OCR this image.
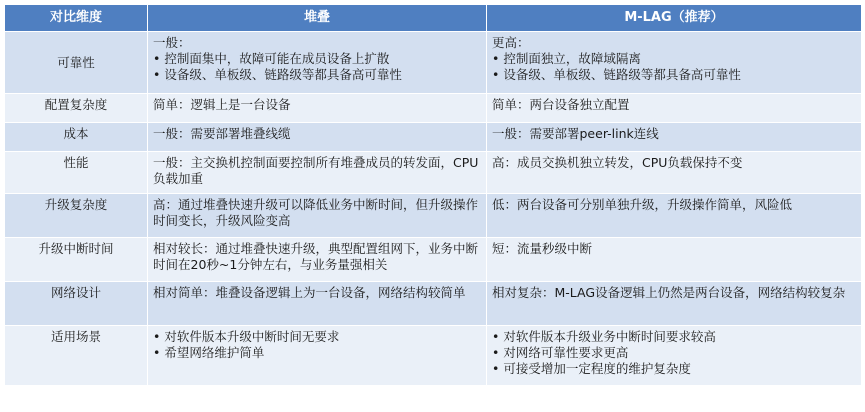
对比维度	堆叠	M-LAG（推荐）
可靠性	一般：
• 控制面集中，故障可能在成员设备上扩散
• 设备级、单板级、链路级等都具备高可靠性	更高：
• 控制面独立，故障域隔离
• 设备级、单板级、链路级等都具备高可靠性

配置复杂度	简单：逻辑上是一台设备	简单：两台设备独立配置

成本	一般：需要部署堆叠线缆	一般：需要部署peer-link连线

性能	一般：主交换机控制面要控制所有堆叠成员的转发面，CPU负载加重	高：成员交换机独立转发，CPU负载保持不变

升级复杂度	高：通过堆叠快速升级可以降低业务中断时间，但升级操作时间变长，升级风险变高	低：两台设备可分别单独升级，升级操作简单，风险低

升级中断时间	相对较长：通过堆叠快速升级，典型配置组网下，业务中断时间在20秒~1分钟左右，与业务量强相关	短：流量秒级中断

网络设计	相对简单：堆叠设备逻辑上为一台设备，网络结构较简单	相对复杂：M-LAG设备逻辑上仍然是两台设备，网络结构较复杂

适用场景	• 对软件版本升级中断时间无要求
• 希望网络维护简单	• 对软件版本升级业务中断时间要求较高
• 对网络可靠性要求更高
• 可接受增加一定程度的维护复杂度
